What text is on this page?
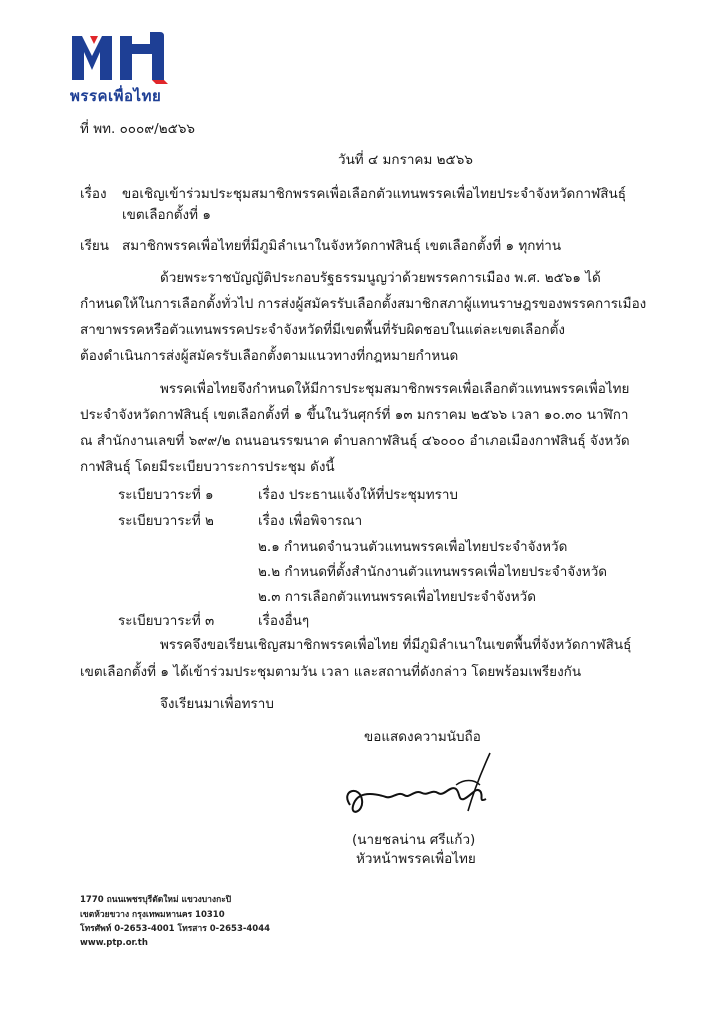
พรรคเพื่อไทย
ที่ พท. ๐๐๐๙/๒๕๖๖
วันที่ ๔ มกราคม ๒๕๖๖
เรื่อง ขอเชิญเข้าร่วมประชุมสมาชิกพรรคเพื่อเลือกตัวแทนพรรคเพื่อไทยประจำจังหวัดกาฬสินธุ์
เขตเลือกตั้งที่ ๑
เรียน สมาชิกพรรคเพื่อไทยที่มีภูมิลำเนาในจังหวัดกาฬสินธุ์ เขตเลือกตั้งที่ ๑ ทุกท่าน
ด้วยพระราชบัญญัติประกอบรัฐธรรมนูญว่าด้วยพรรคการเมือง พ.ศ. ๒๕๖๑ ได้
กำหนดให้ในการเลือกตั้งทั่วไป การส่งผู้สมัครรับเลือกตั้งสมาชิกสภาผู้แทนราษฎรของพรรคการเมือง
สาขาพรรคหรือตัวแทนพรรคประจำจังหวัดที่มีเขตพื้นที่รับผิดชอบในแต่ละเขตเลือกตั้ง
ต้องดำเนินการส่งผู้สมัครรับเลือกตั้งตามแนวทางที่กฎหมายกำหนด
พรรคเพื่อไทยจึงกำหนดให้มีการประชุมสมาชิกพรรคเพื่อเลือกตัวแทนพรรคเพื่อไทย
ประจำจังหวัดกาฬสินธุ์ เขตเลือกตั้งที่ ๑ ขึ้นในวันศุกร์ที่ ๑๓ มกราคม ๒๕๖๖ เวลา ๑๐.๓๐ นาฬิกา
ณ สำนักงานเลขที่ ๖๙๙/๒ ถนนอนรรฆนาค ตำบลกาฬสินธุ์ ๔๖๐๐๐ อำเภอเมืองกาฬสินธุ์ จังหวัด
กาฬสินธุ์ โดยมีระเบียบวาระการประชุม ดังนี้
ระเบียบวาระที่ ๑	เรื่อง ประธานแจ้งให้ที่ประชุมทราบ
ระเบียบวาระที่ ๒	เรื่อง เพื่อพิจารณา
๒.๑ กำหนดจำนวนตัวแทนพรรคเพื่อไทยประจำจังหวัด
๒.๒ กำหนดที่ตั้งสำนักงานตัวแทนพรรคเพื่อไทยประจำจังหวัด
๒.๓ การเลือกตัวแทนพรรคเพื่อไทยประจำจังหวัด
ระเบียบวาระที่ ๓	เรื่องอื่นๆ
พรรคจึงขอเรียนเชิญสมาชิกพรรคเพื่อไทย ที่มีภูมิลำเนาในเขตพื้นที่จังหวัดกาฬสินธุ์
เขตเลือกตั้งที่ ๑ ได้เข้าร่วมประชุมตามวัน เวลา และสถานที่ดังกล่าว โดยพร้อมเพรียงกัน
จึงเรียนมาเพื่อทราบ
ขอแสดงความนับถือ
(นายชลน่าน ศรีแก้ว)
หัวหน้าพรรคเพื่อไทย
1770 ถนนเพชรบุรีตัดใหม่ แขวงบางกะปิ
เขตห้วยขวาง กรุงเทพมหานคร 10310
โทรศัพท์ 0-2653-4001 โทรสาร 0-2653-4044
www.ptp.or.th
